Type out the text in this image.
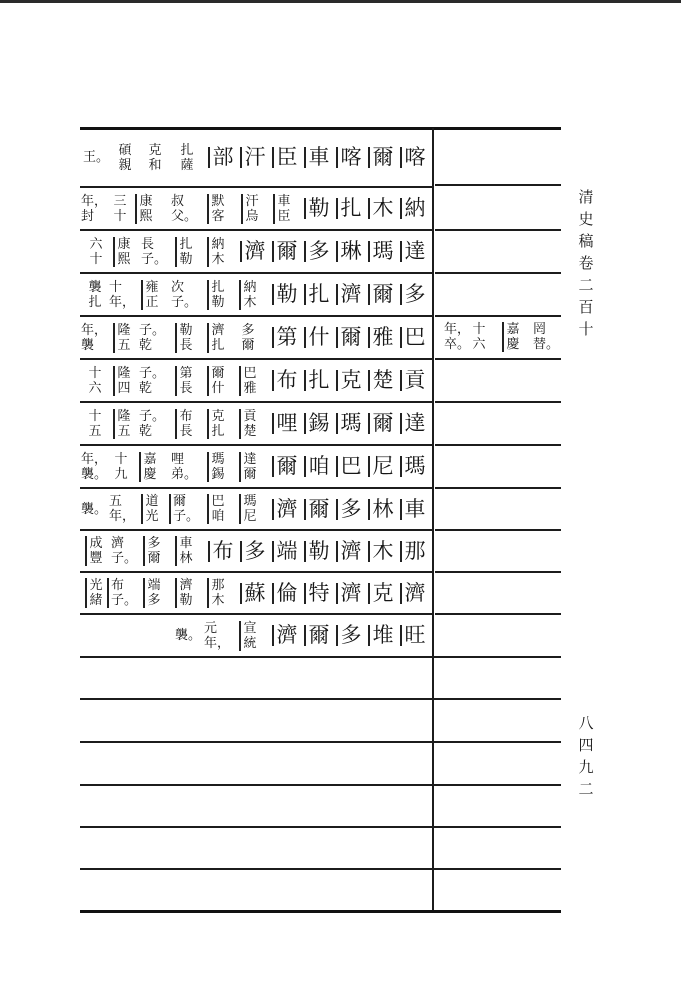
清
史
稿
卷
二
百
十
八
四
九
二
年，
卒。
十
六
嘉
慶
罔
替。
王。 碩
親
克
和
扎
薩 部 汗 臣 車 喀 爾 喀
年，
封
三
十
康
熙
叔
父。
默
客
汗
烏
車
臣 勒 扎 木 納
六
十
康
熙
長
子。
扎
勒
納
木 濟 爾 多 琳 瑪 達
襲
扎
十
年，
雍
正
次
子。
扎
勒
納
木 勒 扎 濟 爾 多
年，
襲
隆
五
子。
乾
勒
長
濟
扎
多
爾 第 什 爾 雅 巴
十
六
隆
四
子。
乾
第
長
爾
什
巴
雅 布 扎 克 楚 貢
十
五
隆
五
子。
乾
布
長
克
扎
貢
楚 哩 錫 瑪 爾 達
年，
襲。
十
九
嘉
慶
哩
弟。
瑪
錫
達
爾 爾 咱 巴 尼 瑪
襲。 五
年，
道
光
爾
子。
巴
咱
瑪
尼 濟 爾 多 林 車
成
豐
濟
子。
多
爾
車
林 布 多 端 勒 濟 木 那
光
緒
布
子。
端
多
濟
勒
那
木 蘇 倫 特 濟 克 濟
襲。 元
年，
宣
統 濟 爾 多 堆 旺
